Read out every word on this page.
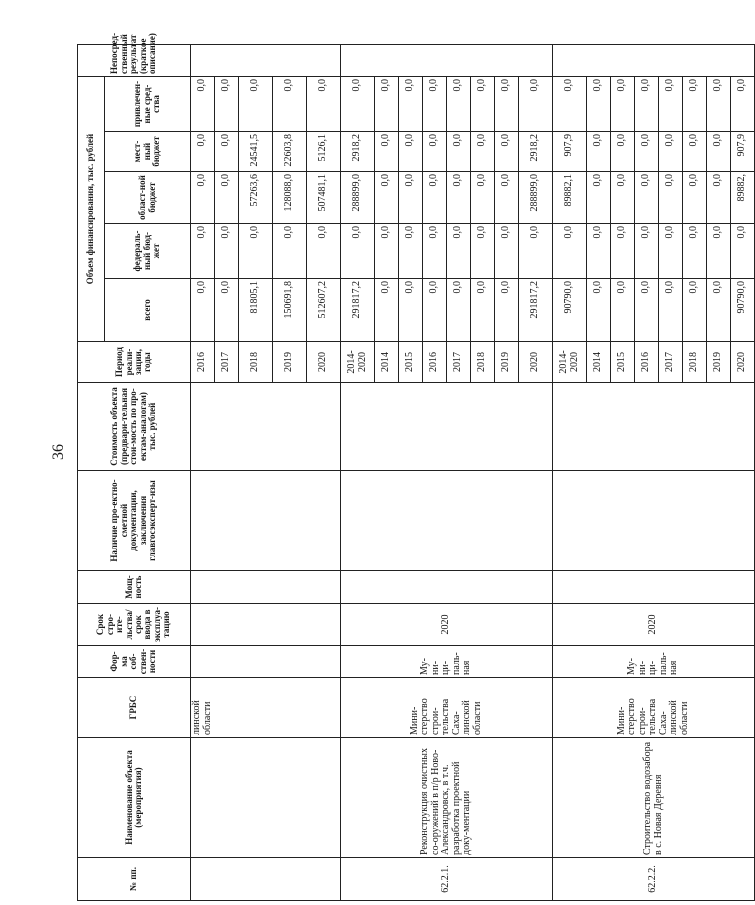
36
№ пп.	Наименование объекта (мероприятия)	ГРБС	Фор-ма соб-ствен-ности	Срок стро-ите-льства/срок ввода в эксплуа-тацию	Мощ-ность	Наличие про-ектно-сметной документации, заключения главгосэксперт-изы	Стоимость объекта (предвари-тельная стои-мость по про-ектам-аналогам) тыс. рублей	Период реали-зации, годы	Объем финансирования, тыс. рублей					Непосред-ственный результат (краткое описание)
									всего	федераль-ный бюд-жет	област-ной бюджет	мест-ный бюджет	привлечен-ные сред-ства	
		линской области						2016	0,0	0,0	0,0	0,0	0,0	
								2017	0,0	0,0	0,0	0,0	0,0	
								2018	81805,1	0,0	57263,6	24541,5	0,0	
								2019	150691,8	0,0	128088,0	22603,8	0,0	
								2020	512607,2	0,0	507481,1	5126,1	0,0	
62.2.1.	Реконструкция очистных со-оружений в п/р Ново-Александровск, в т.ч. разработка проектной доку-ментации	Мини-стерство строи-тельства Саха-линской области	Му-ни-ци-паль-ная	2020				2014-2020	291817,2	0,0	288899,0	2918,2	0,0	
								2014	0,0	0,0	0,0	0,0	0,0	
								2015	0,0	0,0	0,0	0,0	0,0	
								2016	0,0	0,0	0,0	0,0	0,0	
								2017	0,0	0,0	0,0	0,0	0,0	
								2018	0,0	0,0	0,0	0,0	0,0	
								2019	0,0	0,0	0,0	0,0	0,0	
								2020	291817,2	0,0	288899,0	2918,2	0,0	
62.2.2.	Строительство водозабора в с. Новая Деревня	Мини-стерство строи-тельства Саха-линской области	Му-ни-ци-паль-ная	2020				2014-2020	90790,0	0,0	89882,1	907,9	0,0	
								2014	0,0	0,0	0,0	0,0	0,0	
								2015	0,0	0,0	0,0	0,0	0,0	
								2016	0,0	0,0	0,0	0,0	0,0	
								2017	0,0	0,0	0,0	0,0	0,0	
								2018	0,0	0,0	0,0	0,0	0,0	
								2019	0,0	0,0	0,0	0,0	0,0	
								2020	90790,0	0,0	89882,	907,9	0,0	
